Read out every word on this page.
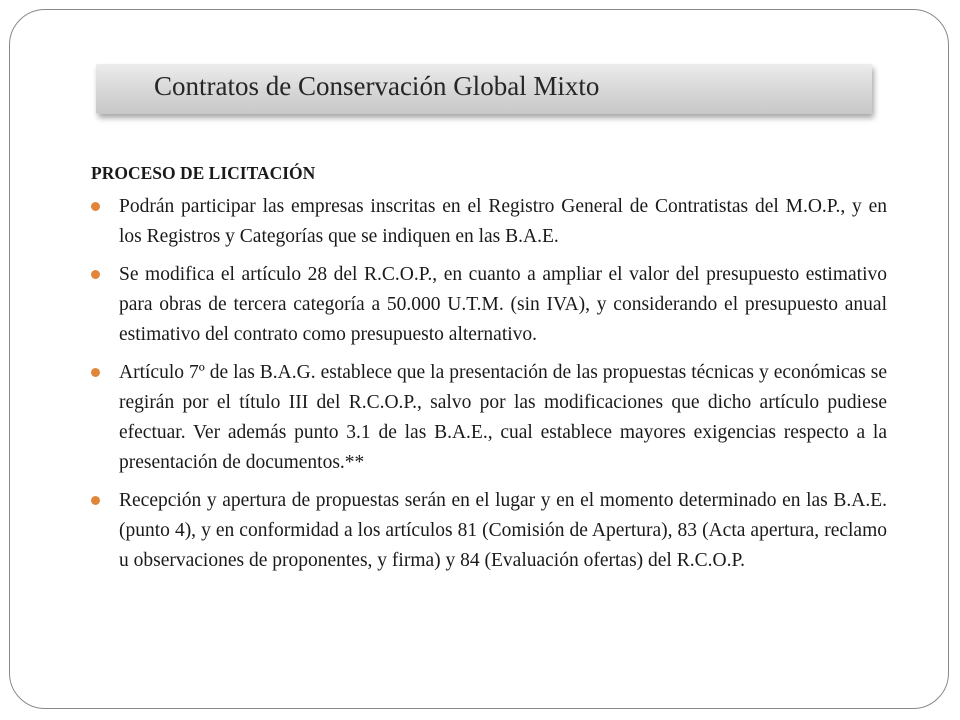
Contratos de Conservación Global Mixto
PROCESO DE LICITACIÓN
Podrán participar las empresas inscritas en el Registro General de Contratistas del M.O.P., y en los Registros y Categorías que se indiquen en las B.A.E.
Se modifica el artículo 28 del R.C.O.P., en cuanto a ampliar el valor del presupuesto estimativo para obras de tercera categoría a 50.000 U.T.M. (sin IVA), y considerando el presupuesto anual estimativo del contrato como presupuesto alternativo.
Artículo 7º de las B.A.G. establece que la presentación de las propuestas técnicas y económicas se regirán por el título III del R.C.O.P., salvo por las modificaciones que dicho artículo pudiese efectuar. Ver además punto 3.1 de las B.A.E., cual establece mayores exigencias respecto a la presentación de documentos.**
Recepción y apertura de propuestas serán en el lugar y en el momento determinado en las B.A.E. (punto 4), y en conformidad a los artículos 81 (Comisión de Apertura), 83 (Acta apertura, reclamo u observaciones de proponentes, y firma) y 84 (Evaluación ofertas) del R.C.O.P.
